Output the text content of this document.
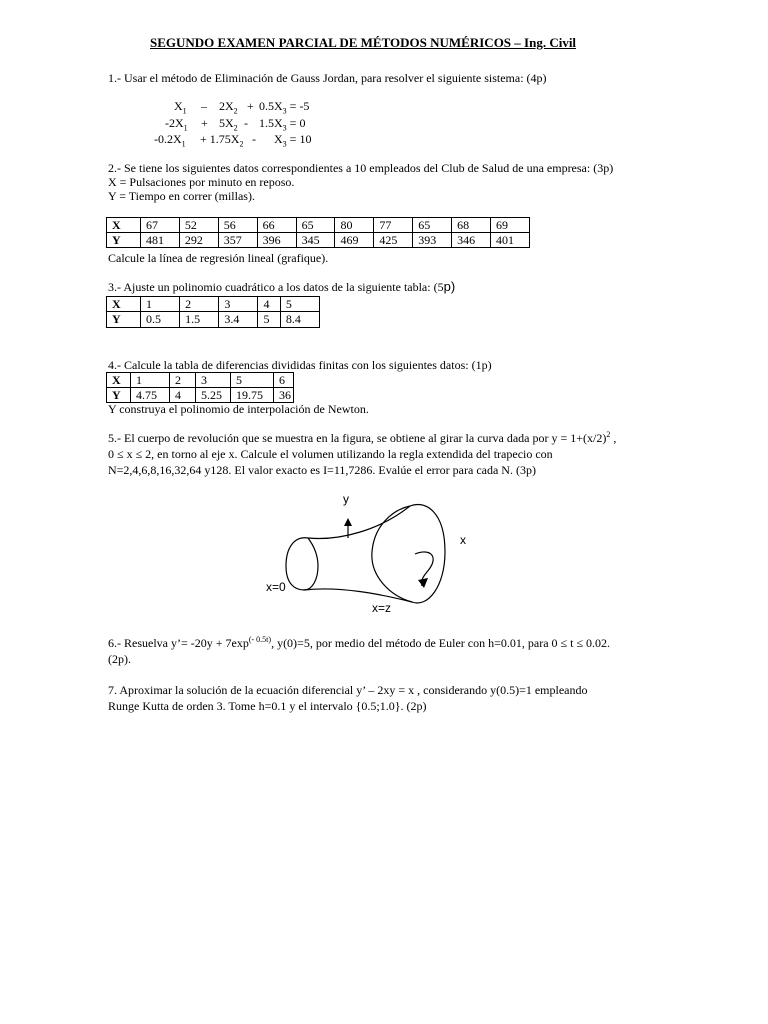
SEGUNDO EXAMEN PARCIAL DE MÉTODOS NUMÉRICOS – Ing. Civil
1.- Usar el método de Eliminación de Gauss Jordan, para resolver el siguiente sistema: (4p)
$X_1 - 2X_2 + 0.5X_3 = -5$
$-2X_1 + 5X_2 - 1.5X_3 = 0$
$-0.2X_1 + 1.75X_2 - X_3 = 10$
2.- Se tiene los siguientes datos correspondientes a 10 empleados del Club de Salud de una empresa: (3p)
X = Pulsaciones por minuto en reposo.
Y = Tiempo en correr (millas).
X	67	52	56	66	65	80	77	65	68	69
Y	481	292	357	396	345	469	425	393	346	401
Calcule la línea de regresión lineal (grafique).
3.- Ajuste un polinomio cuadrático a los datos de la siguiente tabla: (5p)
X	1	2	3	4	5
Y	0.5	1.5	3.4	5	8.4
4.- Calcule la tabla de diferencias divididas finitas con los siguientes datos: (1p)
X	1	2	3	5	6
Y	4.75	4	5.25	19.75	36
Y construya el polinomio de interpolación de Newton.
5.- El cuerpo de revolución que se muestra en la figura, se obtiene al girar la curva dada por $y = 1+(x/2)^2$ ,
0 ≤ x ≤ 2, en torno al eje x. Calcule el volumen utilizando la regla extendida del trapecio con
N=2,4,6,8,16,32,64 y128. El valor exacto es I=11,7286. Evalúe el error para cada N. (3p)
y
x
x=0
x=z
6.- Resuelva y’= $-20y + 7\exp^{(- 0.5t)}$, y(0)=5, por medio del método de Euler con h=0.01, para 0 ≤ t ≤ 0.02.
(2p).
7. Aproximar la solución de la ecuación diferencial y’ – 2xy = x , considerando y(0.5)=1 empleando
Runge Kutta de orden 3. Tome h=0.1 y el intervalo {0.5;1.0}. (2p)
